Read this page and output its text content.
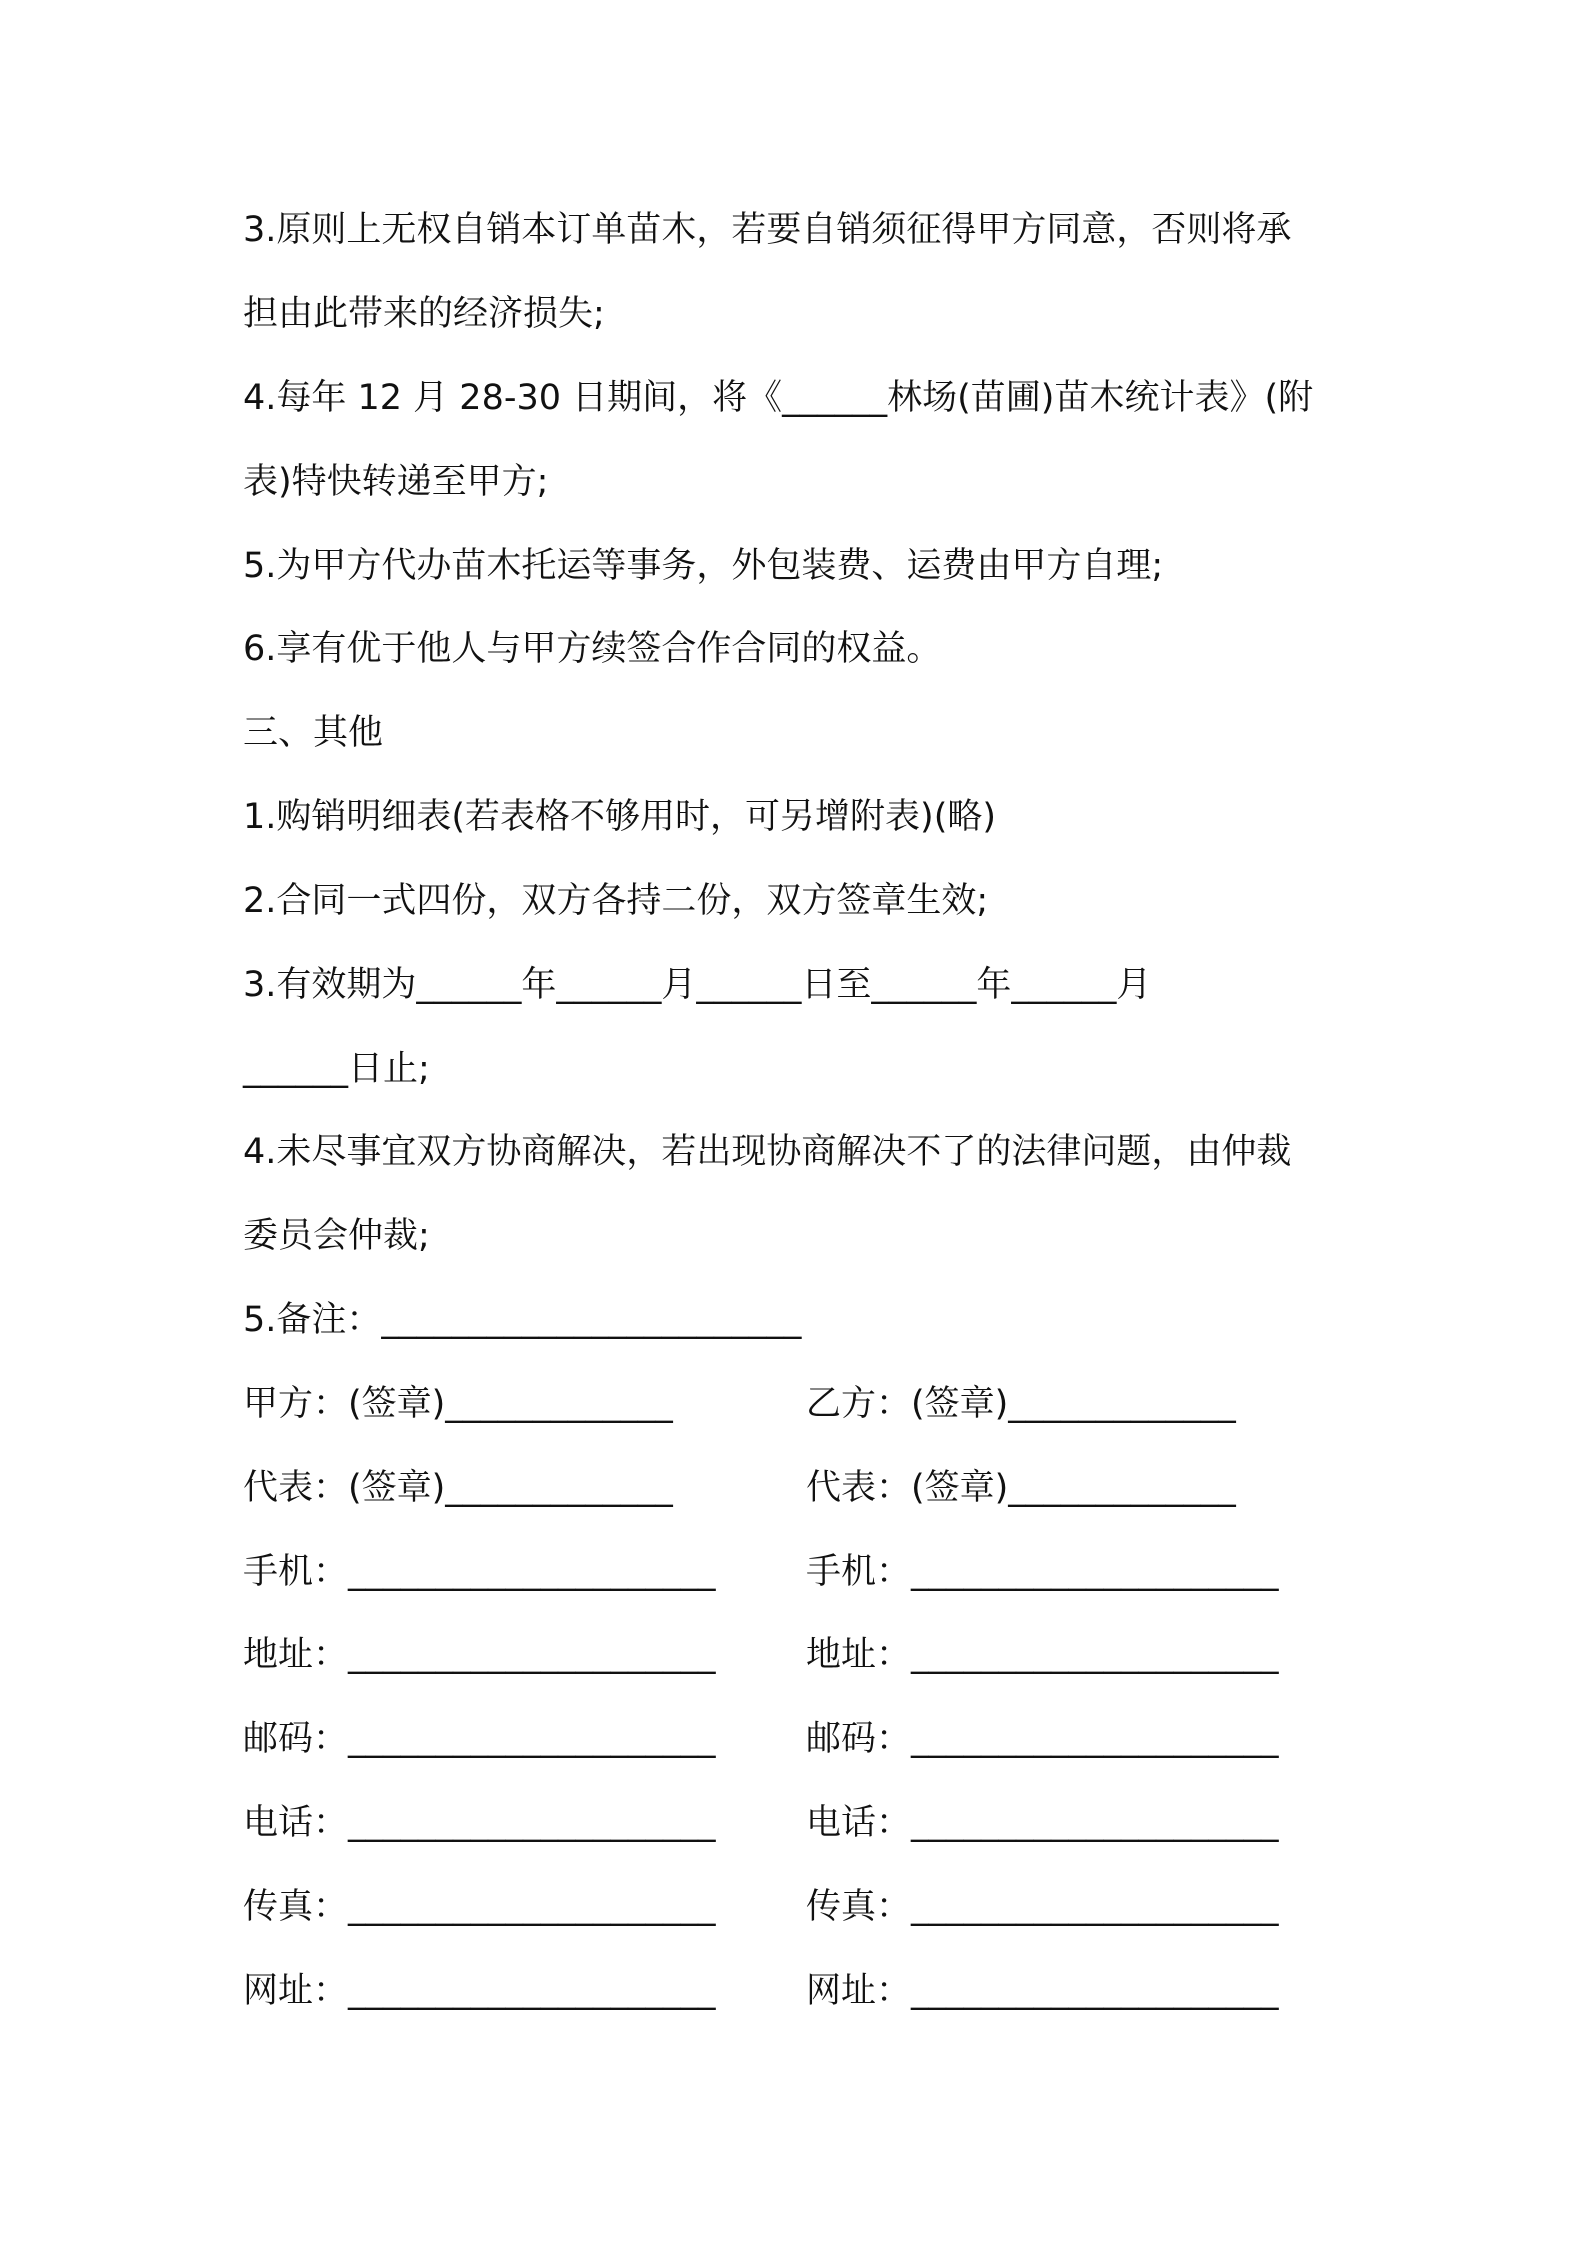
3.原则上无权自销本订单苗木，若要自销须征得甲方同意，否则将承
担由此带来的经济损失;
4.每年 12 月 28-30 日期间，将《______林场(苗圃)苗木统计表》(附
表)特快转递至甲方;
5.为甲方代办苗木托运等事务，外包装费、运费由甲方自理;
6.享有优于他人与甲方续签合作合同的权益。
三、其他
1.购销明细表(若表格不够用时，可另增附表)(略)
2.合同一式四份，双方各持二份，双方签章生效;
3.有效期为______年______月______日至______年______月
______日止;
4.未尽事宜双方协商解决，若出现协商解决不了的法律问题，由仲裁
委员会仲裁;
5.备注：________________________
甲方：(签章)_____________	乙方：(签章)_____________
代表：(签章)_____________	代表：(签章)_____________
手机：_____________________	手机：_____________________
地址：_____________________	地址：_____________________
邮码：_____________________	邮码：_____________________
电话：_____________________	电话：_____________________
传真：_____________________	传真：_____________________
网址：_____________________	网址：_____________________
